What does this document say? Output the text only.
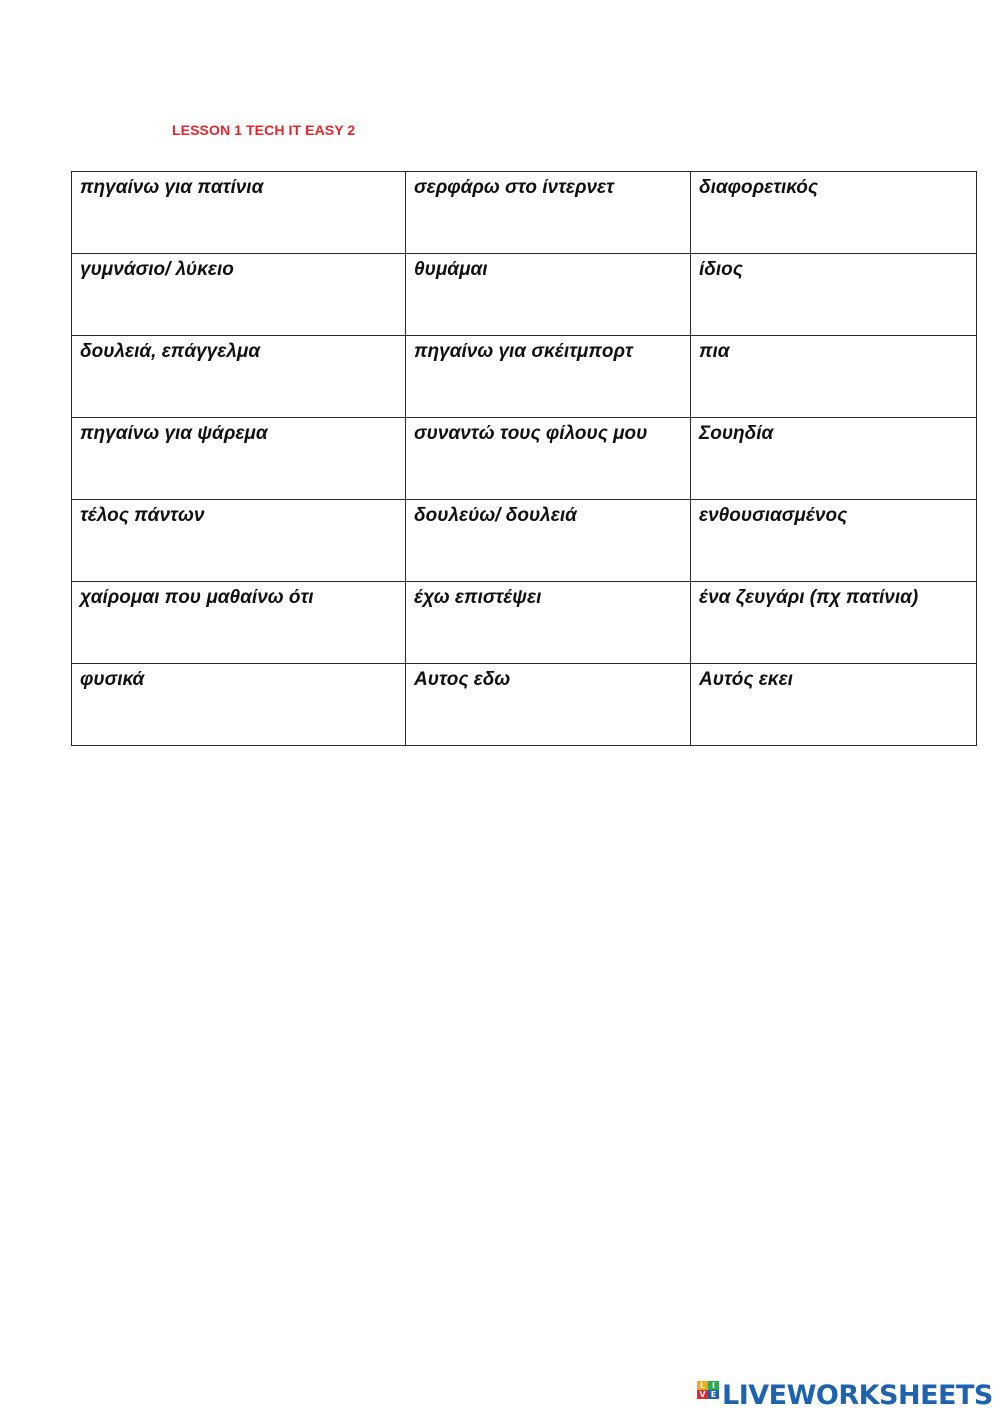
LESSON 1 TECH IT EASY 2
πηγαίνω για πατίνια	σερφάρω στο ίντερνετ	διαφορετικός
γυμνάσιο/ λύκειο	θυμάμαι	ίδιος
δουλειά, επάγγελμα	πηγαίνω για σκέιτμπορτ	πια
πηγαίνω για ψάρεμα	συναντώ τους φίλους μου	Σουηδία
τέλος πάντων	δουλεύω/ δουλειά	ενθουσιασμένος
χαίρομαι που μαθαίνω ότι	έχω επιστέψει	ένα ζευγάρι (πχ πατίνια)
φυσικά	Αυτος εδω	Αυτός εκει
L I
V E LIVEWORKSHEETS
